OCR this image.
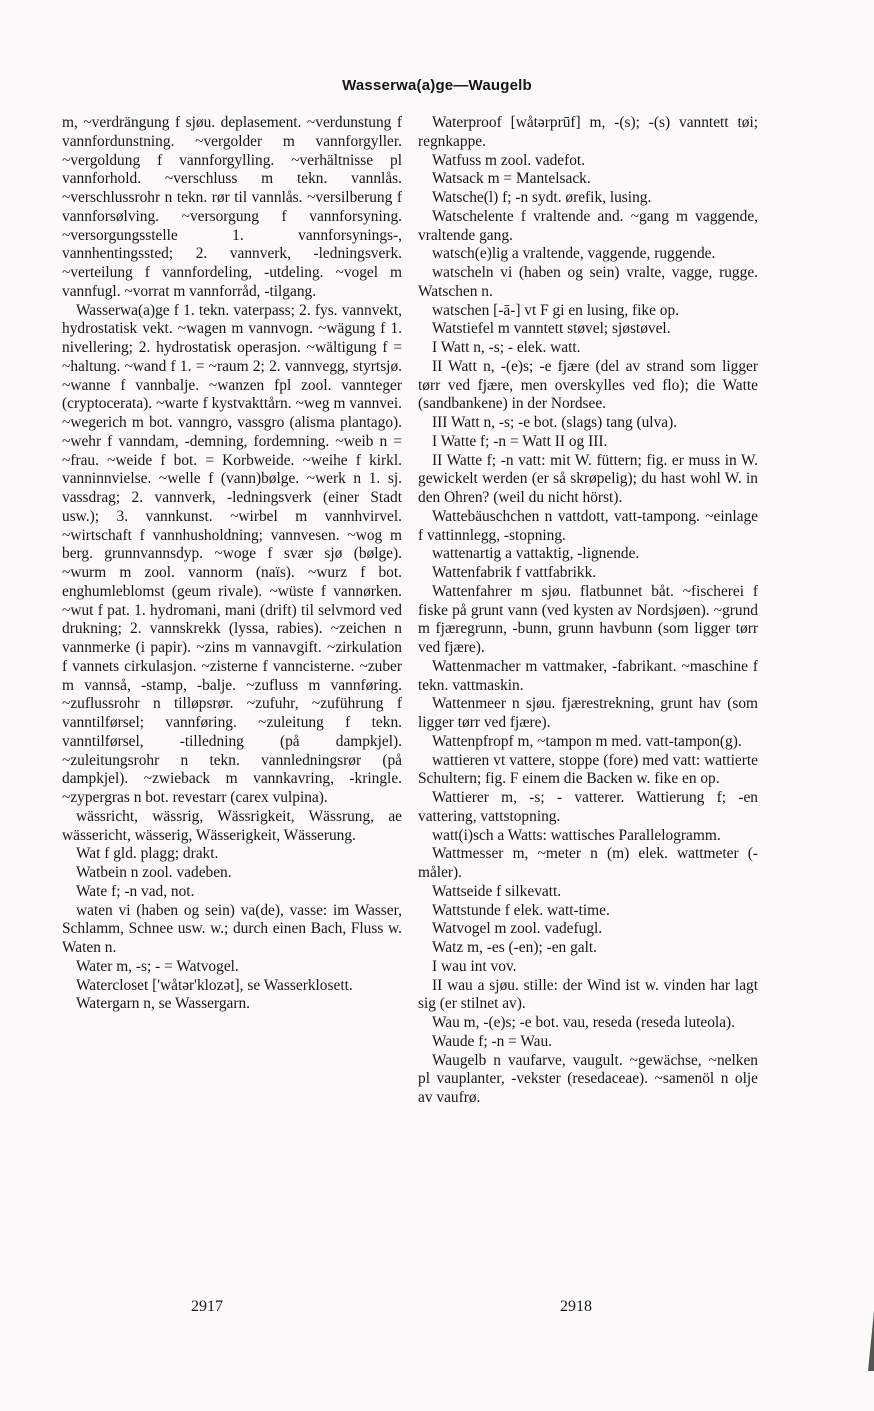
Wasserwa(a)ge—Waugelb

m, ~verdrängung f sjøu. deplasement. ~verdunstung f vannfordunstning. ~vergolder m vannforgyller. ~vergoldung f vannforgylling. ~verhältnisse pl vannforhold. ~verschluss m tekn. vannlås. ~verschlussrohr n tekn. rør til vannlås. ~versilberung f vannforsølving. ~versorgung f vannforsyning. ~versorgungsstelle 1. vannforsynings-, vannhentingssted; 2. vannverk, -ledningsverk. ~verteilung f vannfordeling, -utdeling. ~vogel m vannfugl. ~vorrat m vannforråd, -tilgang.

Wasserwa(a)ge f 1. tekn. vaterpass; 2. fys. vannvekt, hydrostatisk vekt. ~wagen m vannvogn. ~wägung f 1. nivellering; 2. hydrostatisk operasjon. ~wältigung f = ~haltung. ~wand f 1. = ~raum 2; 2. vannvegg, styrtsjø. ~wanne f vannbalje. ~wanzen fpl zool. vannteger (cryptocerata). ~warte f kystvakttårn. ~weg m vannvei. ~wegerich m bot. vanngro, vassgro (alisma plantago). ~wehr f vanndam, -demning, fordemning. ~weib n = ~frau. ~weide f bot. = Korbweide. ~weihe f kirkl. vanninnvielse. ~welle f (vann)bølge. ~werk n 1. sj. vassdrag; 2. vannverk, -ledningsverk (einer Stadt usw.); 3. vannkunst. ~wirbel m vannhvirvel. ~wirtschaft f vannhusholdning; vannvesen. ~wog m berg. grunnvannsdyp. ~woge f svær sjø (bølge). ~wurm m zool. vannorm (naïs). ~wurz f bot. enghumleblomst (geum rivale). ~wüste f vannørken. ~wut f pat. 1. hydromani, mani (drift) til selvmord ved drukning; 2. vannskrekk (lyssa, rabies). ~zeichen n vannmerke (i papir). ~zins m vannavgift. ~zirkulation f vannets cirkulasjon. ~zisterne f vanncisterne. ~zuber m vannså, -stamp, -balje. ~zufluss m vannføring. ~zuflussrohr n tilløpsrør. ~zufuhr, ~zuführung f vanntilførsel; vannføring. ~zuleitung f tekn. vanntilførsel, -tilledning (på dampkjel). ~zuleitungsrohr n tekn. vannledningsrør (på dampkjel). ~zwieback m vannkavring, -kringle. ~zypergras n bot. revestarr (carex vulpina).

wässricht, wässrig, Wässrigkeit, Wässrung, ae wässericht, wässerig, Wässerigkeit, Wässerung.

Wat f gld. plagg; drakt.

Watbein n zool. vadeben.

Wate f; -n vad, not.

waten vi (haben og sein) va(de), vasse: im Wasser, Schlamm, Schnee usw. w.; durch einen Bach, Fluss w. Waten n.

Water m, -s; - = Watvogel.

Watercloset ['wåtər'klozət], se Wasserklosett.

Watergarn n, se Wassergarn.

Waterproof [wåtərprūf] m, -(s); -(s) vanntett tøi; regnkappe.

Watfuss m zool. vadefot.

Watsack m = Mantelsack.

Watsche(l) f; -n sydt. ørefik, lusing.

Watschelente f vraltende and. ~gang m vaggende, vraltende gang.

watsch(e)lig a vraltende, vaggende, ruggende.

watscheln vi (haben og sein) vralte, vagge, rugge. Watschen n.

watschen [-ā-] vt F gi en lusing, fike op.

Watstiefel m vanntett støvel; sjøstøvel.

I Watt n, -s; - elek. watt.

II Watt n, -(e)s; -e fjære (del av strand som ligger tørr ved fjære, men overskylles ved flo); die Watte (sandbankene) in der Nordsee.

III Watt n, -s; -e bot. (slags) tang (ulva).

I Watte f; -n = Watt II og III.

II Watte f; -n vatt: mit W. füttern; fig. er muss in W. gewickelt werden (er så skrøpelig); du hast wohl W. in den Ohren? (weil du nicht hörst).

Wattebäuschchen n vattdott, vatt-tampong. ~einlage f vattinnlegg, -stopning.

wattenartig a vattaktig, -lignende.

Wattenfabrik f vattfabrikk.

Wattenfahrer m sjøu. flatbunnet båt. ~fischerei f fiske på grunt vann (ved kysten av Nordsjøen). ~grund m fjæregrunn, -bunn, grunn havbunn (som ligger tørr ved fjære).

Wattenmacher m vattmaker, -fabrikant. ~maschine f tekn. vattmaskin.

Wattenmeer n sjøu. fjærestrekning, grunt hav (som ligger tørr ved fjære).

Wattenpfropf m, ~tampon m med. vatt-tampon(g).

wattieren vt vattere, stoppe (fore) med vatt: wattierte Schultern; fig. F einem die Backen w. fike en op.

Wattierer m, -s; - vatterer. Wattierung f; -en vattering, vattstopning.

watt(i)sch a Watts: wattisches Parallelogramm.

Wattmesser m, ~meter n (m) elek. wattmeter (-måler).

Wattseide f silkevatt.

Wattstunde f elek. watt-time.

Watvogel m zool. vadefugl.

Watz m, -es (-en); -en galt.

I wau int vov.

II wau a sjøu. stille: der Wind ist w. vinden har lagt sig (er stilnet av).

Wau m, -(e)s; -e bot. vau, reseda (reseda luteola).

Waude f; -n = Wau.

Waugelb n vaufarve, vaugult. ~gewächse, ~nelken pl vauplanter, -vekster (resedaceae). ~samenöl n olje av vaufrø.

2917	2918
